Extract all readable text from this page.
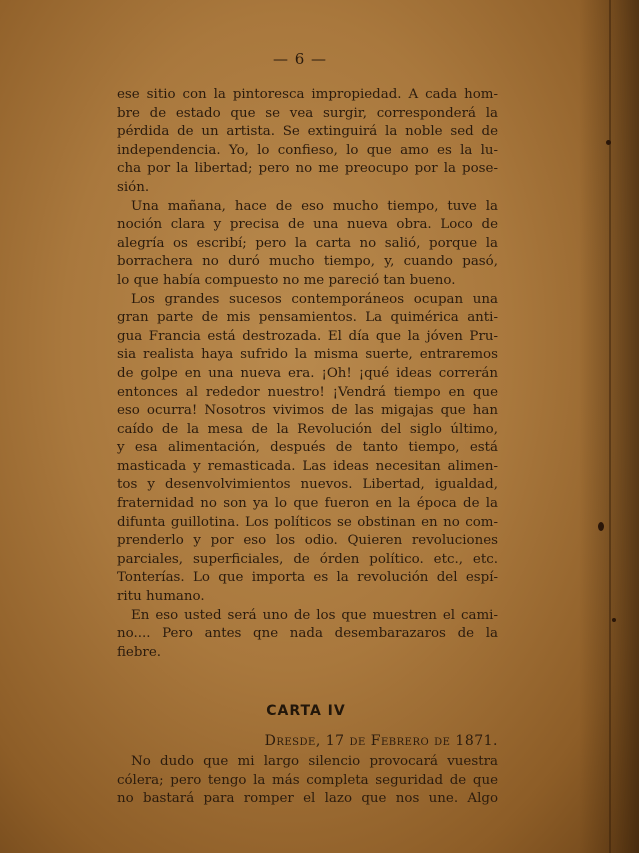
— 6 —
ese sitio con la pintoresca impropiedad. A cada hom-
bre de estado que se vea surgir, corresponderá la
pérdida de un artista. Se extinguirá la noble sed de
independencia. Yo, lo confieso, lo que amo es la lu-
cha por la libertad; pero no me preocupo por la pose-
sión.
Una mañana, hace de eso mucho tiempo, tuve la
noción clara y precisa de una nueva obra. Loco de
alegría os escribí; pero la carta no salió, porque la
borrachera no duró mucho tiempo, y, cuando pasó,
lo que había compuesto no me pareció tan bueno.
Los grandes sucesos contemporáneos ocupan una
gran parte de mis pensamientos. La quimérica anti-
gua Francia está destrozada. El día que la jóven Pru-
sia realista haya sufrido la misma suerte, entraremos
de golpe en una nueva era. ¡Oh! ¡qué ideas correrán
entonces al rededor nuestro! ¡Vendrá tiempo en que
eso ocurra! Nosotros vivimos de las migajas que han
caído de la mesa de la Revolución del siglo último,
y esa alimentación, después de tanto tiempo, está
masticada y remasticada. Las ideas necesitan alimen-
tos y desenvolvimientos nuevos. Libertad, igualdad,
fraternidad no son ya lo que fueron en la época de la
difunta guillotina. Los políticos se obstinan en no com-
prenderlo y por eso los odio. Quieren revoluciones
parciales, superficiales, de órden político. etc., etc.
Tonterías. Lo que importa es la revolución del espí-
ritu humano.
En eso usted será uno de los que muestren el cami-
no.... Pero antes qne nada desembarazaros de la
fiebre.
CARTA IV
Dresde, 17 de Febrero de 1871.
No dudo que mi largo silencio provocará vuestra
cólera; pero tengo la más completa seguridad de que
no bastará para romper el lazo que nos une. Algo
